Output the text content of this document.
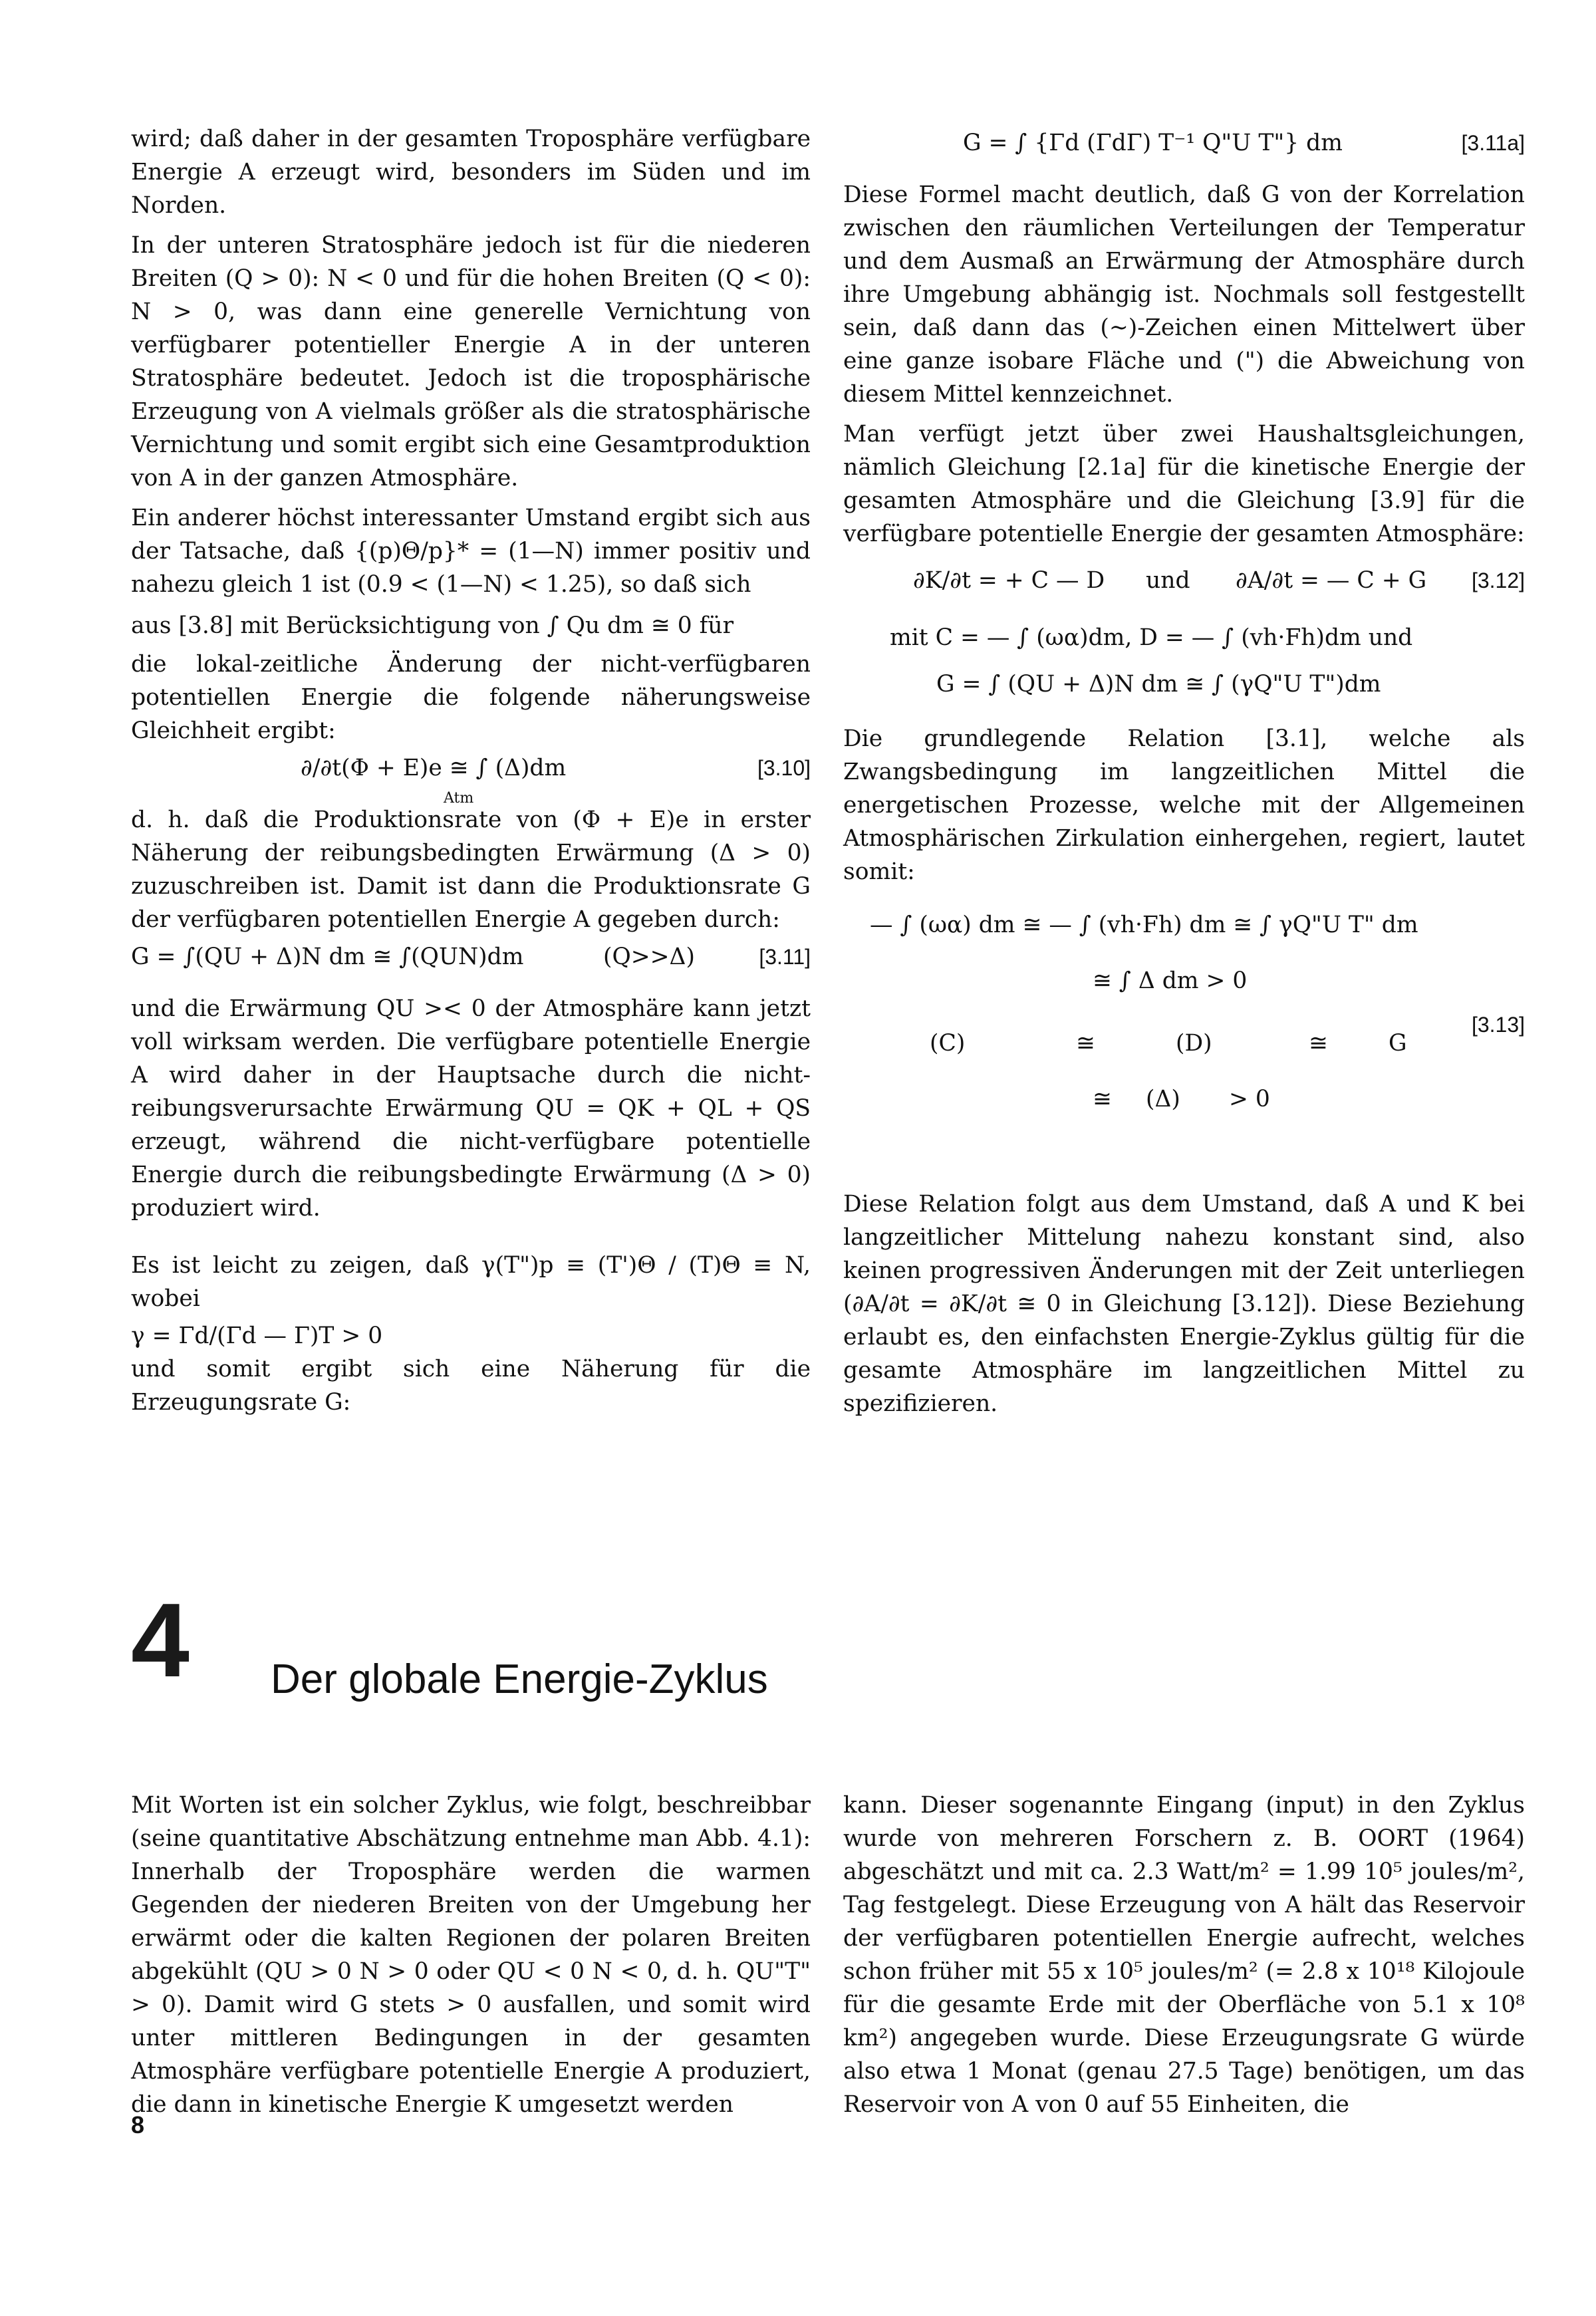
wird; daß daher in der gesamten Troposphäre verfügbare Energie A erzeugt wird, besonders im Süden und im Norden.

In der unteren Stratosphäre jedoch ist für die niederen Breiten (Q > 0): N < 0 und für die hohen Breiten (Q < 0): N > 0, was dann eine generelle Vernichtung von verfügbarer potentieller Energie A in der unteren Stratosphäre bedeutet. Jedoch ist die troposphärische Erzeugung von A vielmals größer als die stratosphärische Vernichtung und somit ergibt sich eine Gesamtproduktion von A in der ganzen Atmosphäre.

Ein anderer höchst interessanter Umstand ergibt sich aus der Tatsache, daß {(p)Θ/p}* = (1—N) immer positiv und nahezu gleich 1 ist (0.9 < (1—N) < 1.25), so daß sich

aus [3.8] mit Berücksichtigung von ∫ Qu dm ≅ 0 für

die lokal-zeitliche Änderung der nicht-verfügbaren potentiellen Energie die folgende näherungsweise Gleichheit ergibt:

∂/∂t(Φ + E)e ≅ ∫ (Δ)dm
Atm
[3.10]

d. h. daß die Produktionsrate von (Φ + E)e in erster Näherung der reibungsbedingten Erwärmung (Δ > 0) zuzuschreiben ist. Damit ist dann die Produktionsrate G der verfügbaren potentiellen Energie A gegeben durch:

G = ∫(QU + Δ)N dm ≅ ∫(QUN)dm	(Q>>Δ)	[3.11]

und die Erwärmung QU >< 0 der Atmosphäre kann jetzt voll wirksam werden. Die verfügbare potentielle Energie A wird daher in der Hauptsache durch die nicht-reibungsverursachte Erwärmung QU = QK + QL + QS erzeugt, während die nicht-verfügbare potentielle Energie durch die reibungsbedingte Erwärmung (Δ > 0) produziert wird.

Es ist leicht zu zeigen, daß γ(T")p ≡ (T')Θ / (T)Θ ≡ N, wobei

γ = Γd/(Γd — Γ)T > 0

und somit ergibt sich eine Näherung für die Erzeugungsrate G:

G = ∫ {Γd (ΓdΓ) T⁻¹ Q"U T"} dm	[3.11a]

Diese Formel macht deutlich, daß G von der Korrelation zwischen den räumlichen Verteilungen der Temperatur und dem Ausmaß an Erwärmung der Atmosphäre durch ihre Umgebung abhängig ist. Nochmals soll festgestellt sein, daß dann das (~)-Zeichen einen Mittelwert über eine ganze isobare Fläche und (") die Abweichung von diesem Mittel kennzeichnet.

Man verfügt jetzt über zwei Haushaltsgleichungen, nämlich Gleichung [2.1a] für die kinetische Energie der gesamten Atmosphäre und die Gleichung [3.9] für die verfügbare potentielle Energie der gesamten Atmosphäre:

∂K/∂t = + C — D und ∂A/∂t = — C + G [3.12]
mit C = — ∫ (ωα)dm, D = — ∫ (vh·Fh)dm und
G = ∫ (QU + Δ)N dm ≅ ∫ (γQ"U T")dm

Die grundlegende Relation [3.1], welche als Zwangsbedingung im langzeitlichen Mittel die energetischen Prozesse, welche mit der Allgemeinen Atmosphärischen Zirkulation einhergehen, regiert, lautet somit:

— ∫ (ωα) dm ≅ — ∫ (vh·Fh) dm ≅ ∫ γQ"U T" dm
≅ ∫ Δ dm > 0
[3.13]
(C)	≅	(D)	≅	G
≅ (Δ) > 0

Diese Relation folgt aus dem Umstand, daß A und K bei langzeitlicher Mittelung nahezu konstant sind, also keinen progressiven Änderungen mit der Zeit unterliegen (∂A/∂t = ∂K/∂t ≅ 0 in Gleichung [3.12]). Diese Beziehung erlaubt es, den einfachsten Energie-Zyklus gültig für die gesamte Atmosphäre im langzeitlichen Mittel zu spezifizieren.

4 Der globale Energie-Zyklus

Mit Worten ist ein solcher Zyklus, wie folgt, beschreibbar (seine quantitative Abschätzung entnehme man Abb. 4.1): Innerhalb der Troposphäre werden die warmen Gegenden der niederen Breiten von der Umgebung her erwärmt oder die kalten Regionen der polaren Breiten abgekühlt (QU > 0 N > 0 oder QU < 0 N < 0, d. h. QU"T" > 0). Damit wird G stets > 0 ausfallen, und somit wird unter mittleren Bedingungen in der gesamten Atmosphäre verfügbare potentielle Energie A produziert, die dann in kinetische Energie K umgesetzt werden

kann. Dieser sogenannte Eingang (input) in den Zyklus wurde von mehreren Forschern z. B. OORT (1964) abgeschätzt und mit ca. 2.3 Watt/m² = 1.99 10⁵ joules/m², Tag festgelegt. Diese Erzeugung von A hält das Reservoir der verfügbaren potentiellen Energie aufrecht, welches schon früher mit 55 x 10⁵ joules/m² (= 2.8 x 10¹⁸ Kilojoule für die gesamte Erde mit der Oberfläche von 5.1 x 10⁸ km²) angegeben wurde. Diese Erzeugungsrate G würde also etwa 1 Monat (genau 27.5 Tage) benötigen, um das Reservoir von A von 0 auf 55 Einheiten, die

8
